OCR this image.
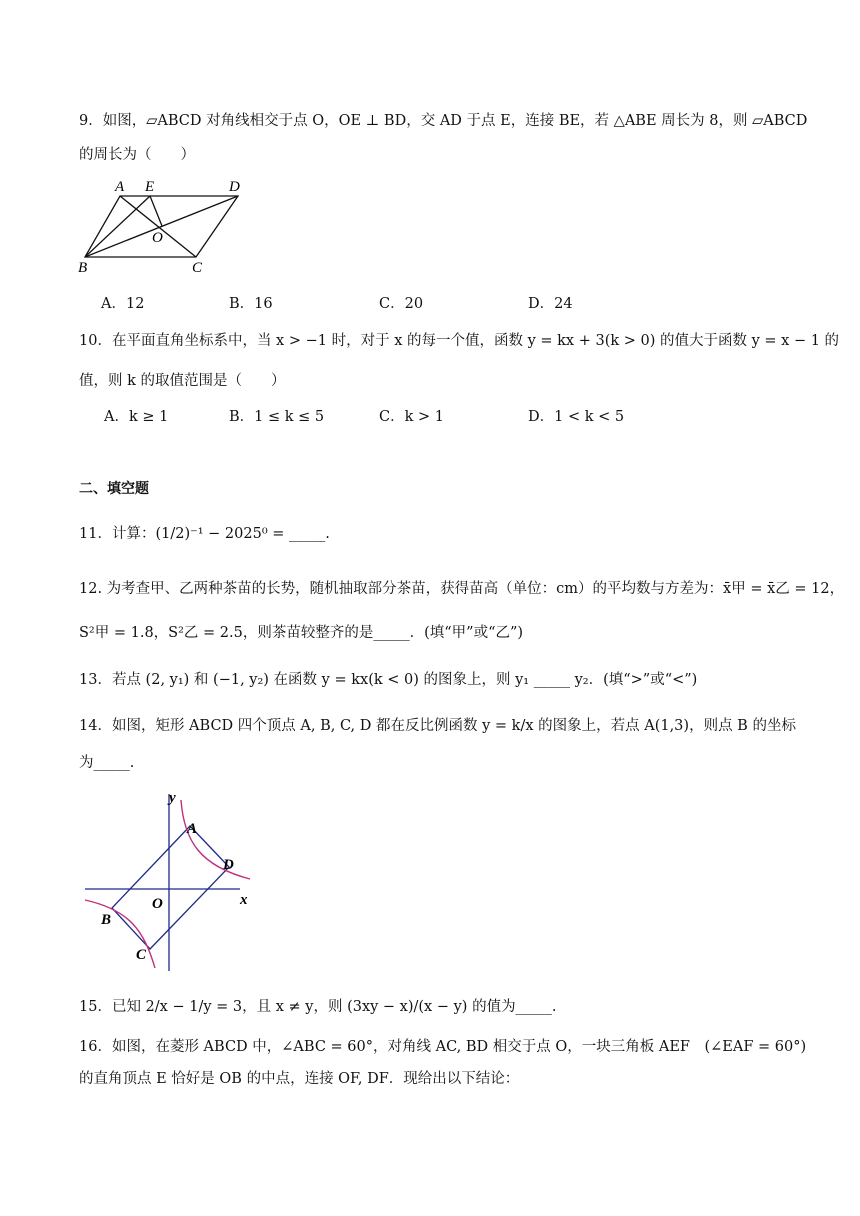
9．如图，▱ABCD 对角线相交于点 O，OE ⊥ BD，交 AD 于点 E，连接 BE，若 △ABE 周长为 8，则 ▱ABCD
的周长为（　　）
A E	D
O
B	C
A．12	B．16	C．20	D．24
10．在平面直角坐标系中，当 x > −1 时，对于 x 的每一个值，函数 y = kx + 3(k > 0) 的值大于函数 y = x − 1 的
值，则 k 的取值范围是（　　）
A．k ≥ 1	B．1 ≤ k ≤ 5	C．k > 1	D．1 < k < 5
二、填空题
11．计算：(1/2)⁻¹ − 2025⁰ = _____.
12. 为考查甲、乙两种茶苗的长势，随机抽取部分茶苗，获得苗高（单位：cm）的平均数与方差为：x̄甲 = x̄乙 = 12，
S²甲 = 1.8，S²乙 = 2.5，则茶苗较整齐的是_____．(填“甲”或“乙”)
13．若点 (2, y₁) 和 (−1, y₂) 在函数 y = kx(k < 0) 的图象上，则 y₁ _____ y₂．(填“>”或“<”)
14．如图，矩形 ABCD 四个顶点 A, B, C, D 都在反比例函数 y = k/x 的图象上，若点 A(1,3)，则点 B 的坐标
为_____.
y
x
O
A
B
C
D
15．已知 2/x − 1/y = 3，且 x ≠ y，则 (3xy − x)/(x − y) 的值为_____.
16．如图，在菱形 ABCD 中，∠ABC = 60°，对角线 AC, BD 相交于点 O，一块三角板 AEF　(∠EAF = 60°)
的直角顶点 E 恰好是 OB 的中点，连接 OF, DF．现给出以下结论：
